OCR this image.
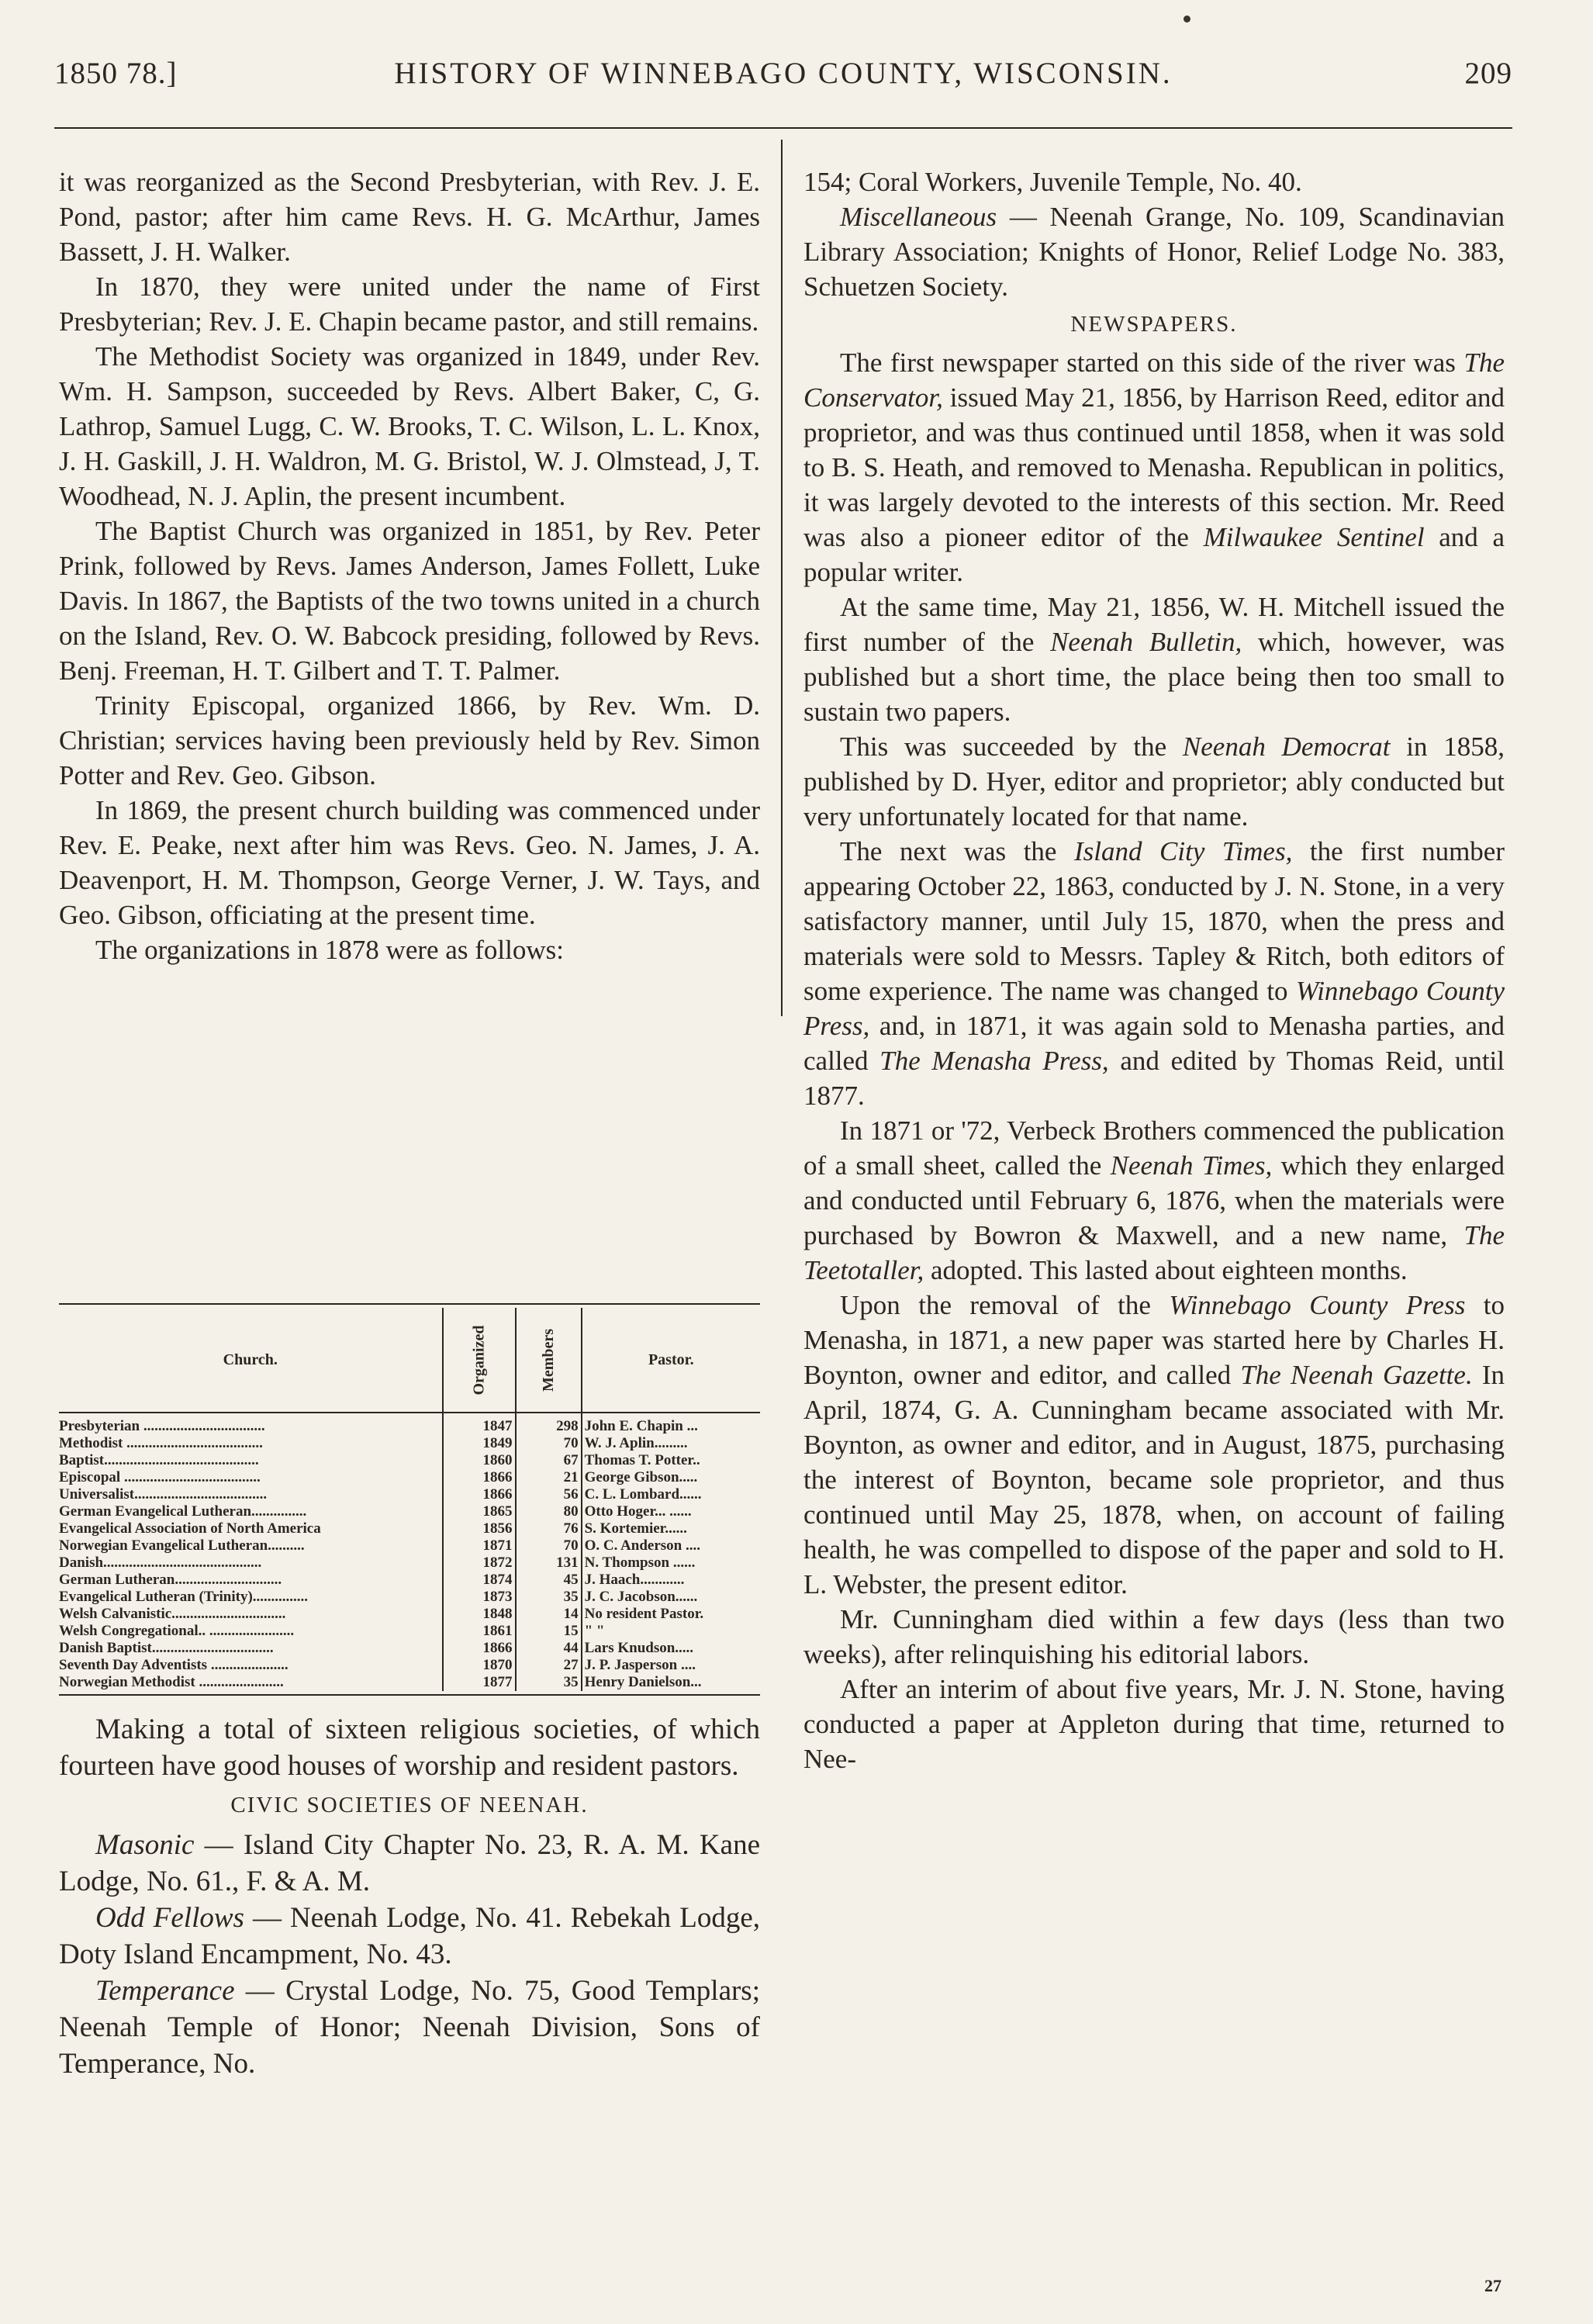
1850 78.]	HISTORY OF WINNEBAGO COUNTY, WISCONSIN.	209

it was reorganized as the Second Presbyterian, with Rev. J. E. Pond, pastor; after him came Revs. H. G. McArthur, James Bassett, J. H. Walker.

In 1870, they were united under the name of First Presbyterian; Rev. J. E. Chapin became pastor, and still remains.

The Methodist Society was organized in 1849, under Rev. Wm. H. Sampson, succeeded by Revs. Albert Baker, C, G. Lathrop, Samuel Lugg, C. W. Brooks, T. C. Wilson, L. L. Knox, J. H. Gaskill, J. H. Waldron, M. G. Bristol, W. J. Olmstead, J, T. Woodhead, N. J. Aplin, the present incumbent.

The Baptist Church was organized in 1851, by Rev. Peter Prink, followed by Revs. James Anderson, James Follett, Luke Davis. In 1867, the Baptists of the two towns united in a church on the Island, Rev. O. W. Babcock presiding, followed by Revs. Benj. Freeman, H. T. Gilbert and T. T. Palmer.

Trinity Episcopal, organized 1866, by Rev. Wm. D. Christian; services having been previously held by Rev. Simon Potter and Rev. Geo. Gibson.

In 1869, the present church building was commenced under Rev. E. Peake, next after him was Revs. Geo. N. James, J. A. Deavenport, H. M. Thompson, George Verner, J. W. Tays, and Geo. Gibson, officiating at the present time.

The organizations in 1878 were as follows:

Church.	Organized	Members	Pastor.
Presbyterian .................................	1847	298	John E. Chapin ...
Methodist .....................................	1849	70	W. J. Aplin.........
Baptist..........................................	1860	67	Thomas T. Potter..
Episcopal .....................................	1866	21	George Gibson.....
Universalist....................................	1866	56	C. L. Lombard......
German Evangelical Lutheran...............	1865	80	Otto Hoger... ......
Evangelical Association of North America	1856	76	S. Kortemier......
Norwegian Evangelical Lutheran..........	1871	70	O. C. Anderson ....
Danish...........................................	1872	131	N. Thompson ......
German Lutheran.............................	1874	45	J. Haach............
Evangelical Lutheran (Trinity)...............	1873	35	J. C. Jacobson......
Welsh Calvanistic...............................	1848	14	No resident Pastor.
Welsh Congregational.. .......................	1861	15	" "
Danish Baptist.................................	1866	44	Lars Knudson.....
Seventh Day Adventists .....................	1870	27	J. P. Jasperson ....
Norwegian Methodist .......................	1877	35	Henry Danielson...

Making a total of sixteen religious societies, of which fourteen have good houses of worship and resident pastors.

CIVIC SOCIETIES OF NEENAH.

Masonic — Island City Chapter No. 23, R. A. M. Kane Lodge, No. 61., F. & A. M.

Odd Fellows — Neenah Lodge, No. 41. Rebekah Lodge, Doty Island Encampment, No. 43.

Temperance — Crystal Lodge, No. 75, Good Templars; Neenah Temple of Honor; Neenah Division, Sons of Temperance, No.

154; Coral Workers, Juvenile Temple, No. 40.

Miscellaneous — Neenah Grange, No. 109, Scandinavian Library Association; Knights of Honor, Relief Lodge No. 383, Schuetzen Society.

NEWSPAPERS.

The first newspaper started on this side of the river was The Conservator, issued May 21, 1856, by Harrison Reed, editor and proprietor, and was thus continued until 1858, when it was sold to B. S. Heath, and removed to Menasha. Republican in politics, it was largely devoted to the interests of this section. Mr. Reed was also a pioneer editor of the Milwaukee Sentinel and a popular writer.

At the same time, May 21, 1856, W. H. Mitchell issued the first number of the Neenah Bulletin, which, however, was published but a short time, the place being then too small to sustain two papers.

This was succeeded by the Neenah Democrat in 1858, published by D. Hyer, editor and proprietor; ably conducted but very unfortunately located for that name.

The next was the Island City Times, the first number appearing October 22, 1863, conducted by J. N. Stone, in a very satisfactory manner, until July 15, 1870, when the press and materials were sold to Messrs. Tapley & Ritch, both editors of some experience. The name was changed to Winnebago County Press, and, in 1871, it was again sold to Menasha parties, and called The Menasha Press, and edited by Thomas Reid, until 1877.

In 1871 or '72, Verbeck Brothers commenced the publication of a small sheet, called the Neenah Times, which they enlarged and conducted until February 6, 1876, when the materials were purchased by Bowron & Maxwell, and a new name, The Teetotaller, adopted. This lasted about eighteen months.

Upon the removal of the Winnebago County Press to Menasha, in 1871, a new paper was started here by Charles H. Boynton, owner and editor, and called The Neenah Gazette. In April, 1874, G. A. Cunningham became associated with Mr. Boynton, as owner and editor, and in August, 1875, purchasing the interest of Boynton, became sole proprietor, and thus continued until May 25, 1878, when, on account of failing health, he was compelled to dispose of the paper and sold to H. L. Webster, the present editor.

Mr. Cunningham died within a few days (less than two weeks), after relinquishing his editorial labors.

After an interim of about five years, Mr. J. N. Stone, having conducted a paper at Appleton during that time, returned to Nee-

27
